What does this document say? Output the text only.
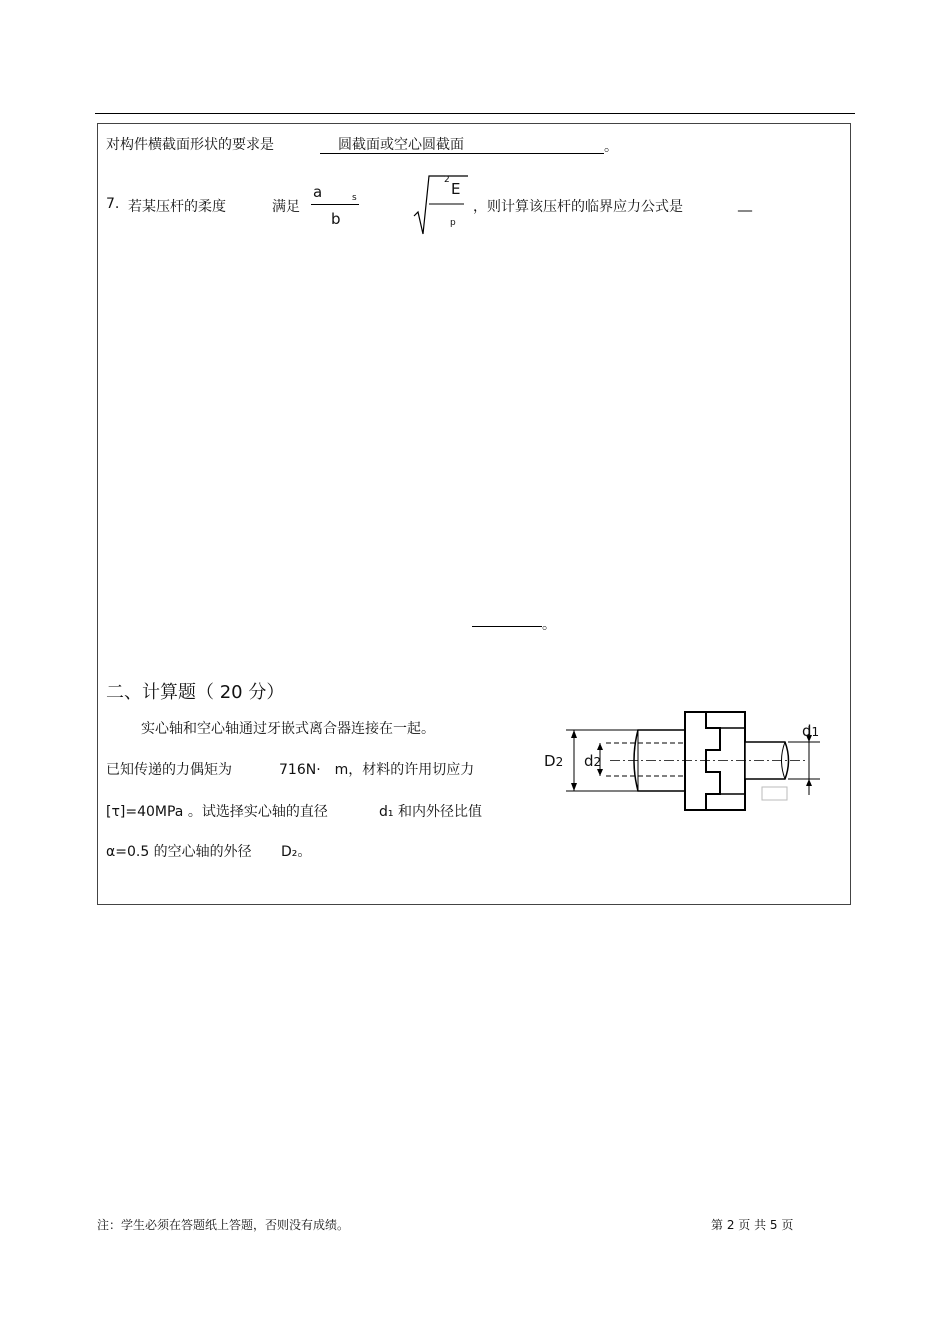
对构件横截面形状的要求是	圆截面或空心圆截面	。
7. 若某压杆的柔度	满足
a	s
b
2 E
p
，则计算该压杆的临界应力公式是	__
。
二、计算题（ 20 分）
实心轴和空心轴通过牙嵌式离合器连接在一起。
已知传递的力偶矩为	716N·　m，材料的许用切应力
[τ]=40MPa 。试选择实心轴的直径	d₁ 和内外径比值
α=0.5 的空心轴的外径 D₂。
D2 d2
d1
注：学生必须在答题纸上答题，否则没有成绩。	第 2 页 共 5 页
